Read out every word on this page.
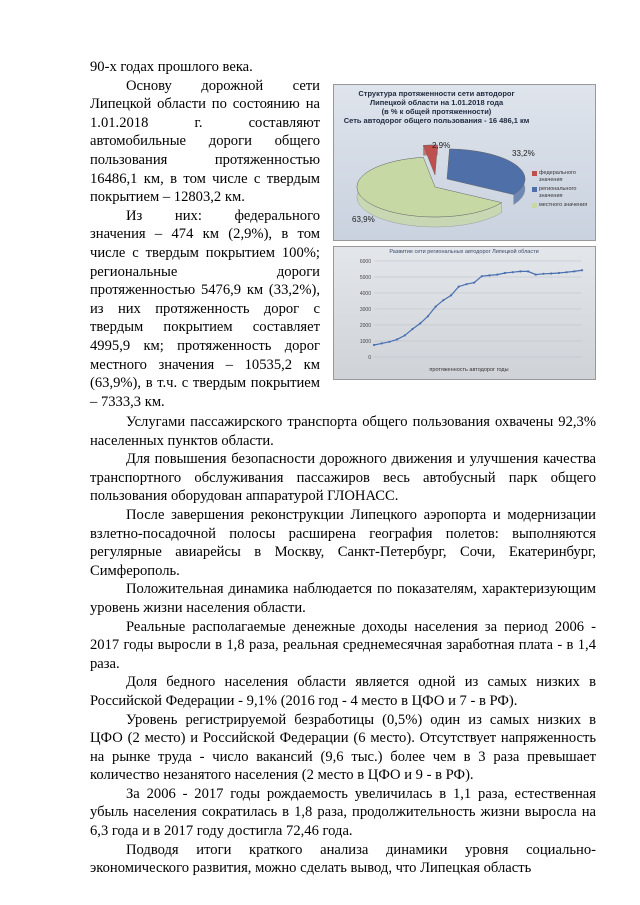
90-х годах прошлого века.

Основу дорожной сети Липецкой области по состоянию на 1.01.2018 г. составляют автомобильные дороги общего пользования протяженностью 16486,1 км, в том числе с твердым покрытием – 12803,2 км.

Из них: федерального значения – 474 км (2,9%), в том числе с твердым покрытием 100%; региональные дороги протяженностью 5476,9 км (33,2%), из них протяженность дорог с твердым покрытием составляет 4995,9 км; протяженность дорог местного значения – 10535,2 км (63,9%), в т.ч. с твердым покрытием – 7333,3 км.

Структура протяженности сети автодорог
Липецкой области на 1.01.2018 года
(в % к общей протяженности)
Сеть автодорог общего пользования - 16 486,1 км
2,9%
33,2%
63,9%
федерального значения
регионального значения
местного значения
Развитие сети региональных автодорог Липецкой области
6000
5000
4000
3000
2000
1000
0
протяженность автодорог годы

Услугами пассажирского транспорта общего пользования охвачены 92,3% населенных пунктов области.

Для повышения безопасности дорожного движения и улучшения качества транспортного обслуживания пассажиров весь автобусный парк общего пользования оборудован аппаратурой ГЛОНАСС.

После завершения реконструкции Липецкого аэропорта и модернизации взлетно-посадочной полосы расширена география полетов: выполняются регулярные авиарейсы в Москву, Санкт-Петербург, Сочи, Екатеринбург, Симферополь.

Положительная динамика наблюдается по показателям, характеризующим уровень жизни населения области.

Реальные располагаемые денежные доходы населения за период 2006 - 2017 годы выросли в 1,8 раза, реальная среднемесячная заработная плата - в 1,4 раза.

Доля бедного населения области является одной из самых низких в Российской Федерации - 9,1% (2016 год - 4 место в ЦФО и 7 - в РФ).

Уровень регистрируемой безработицы (0,5%) один из самых низких в ЦФО (2 место) и Российской Федерации (6 место). Отсутствует напряженность на рынке труда - число вакансий (9,6 тыс.) более чем в 3 раза превышает количество незанятого населения (2 место в ЦФО и 9 - в РФ).

За 2006 - 2017 годы рождаемость увеличилась в 1,1 раза, естественная убыль населения сократилась в 1,8 раза, продолжительность жизни выросла на 6,3 года и в 2017 году достигла 72,46 года.

Подводя итоги краткого анализа динамики уровня социально-экономического развития, можно сделать вывод, что Липецкая область
